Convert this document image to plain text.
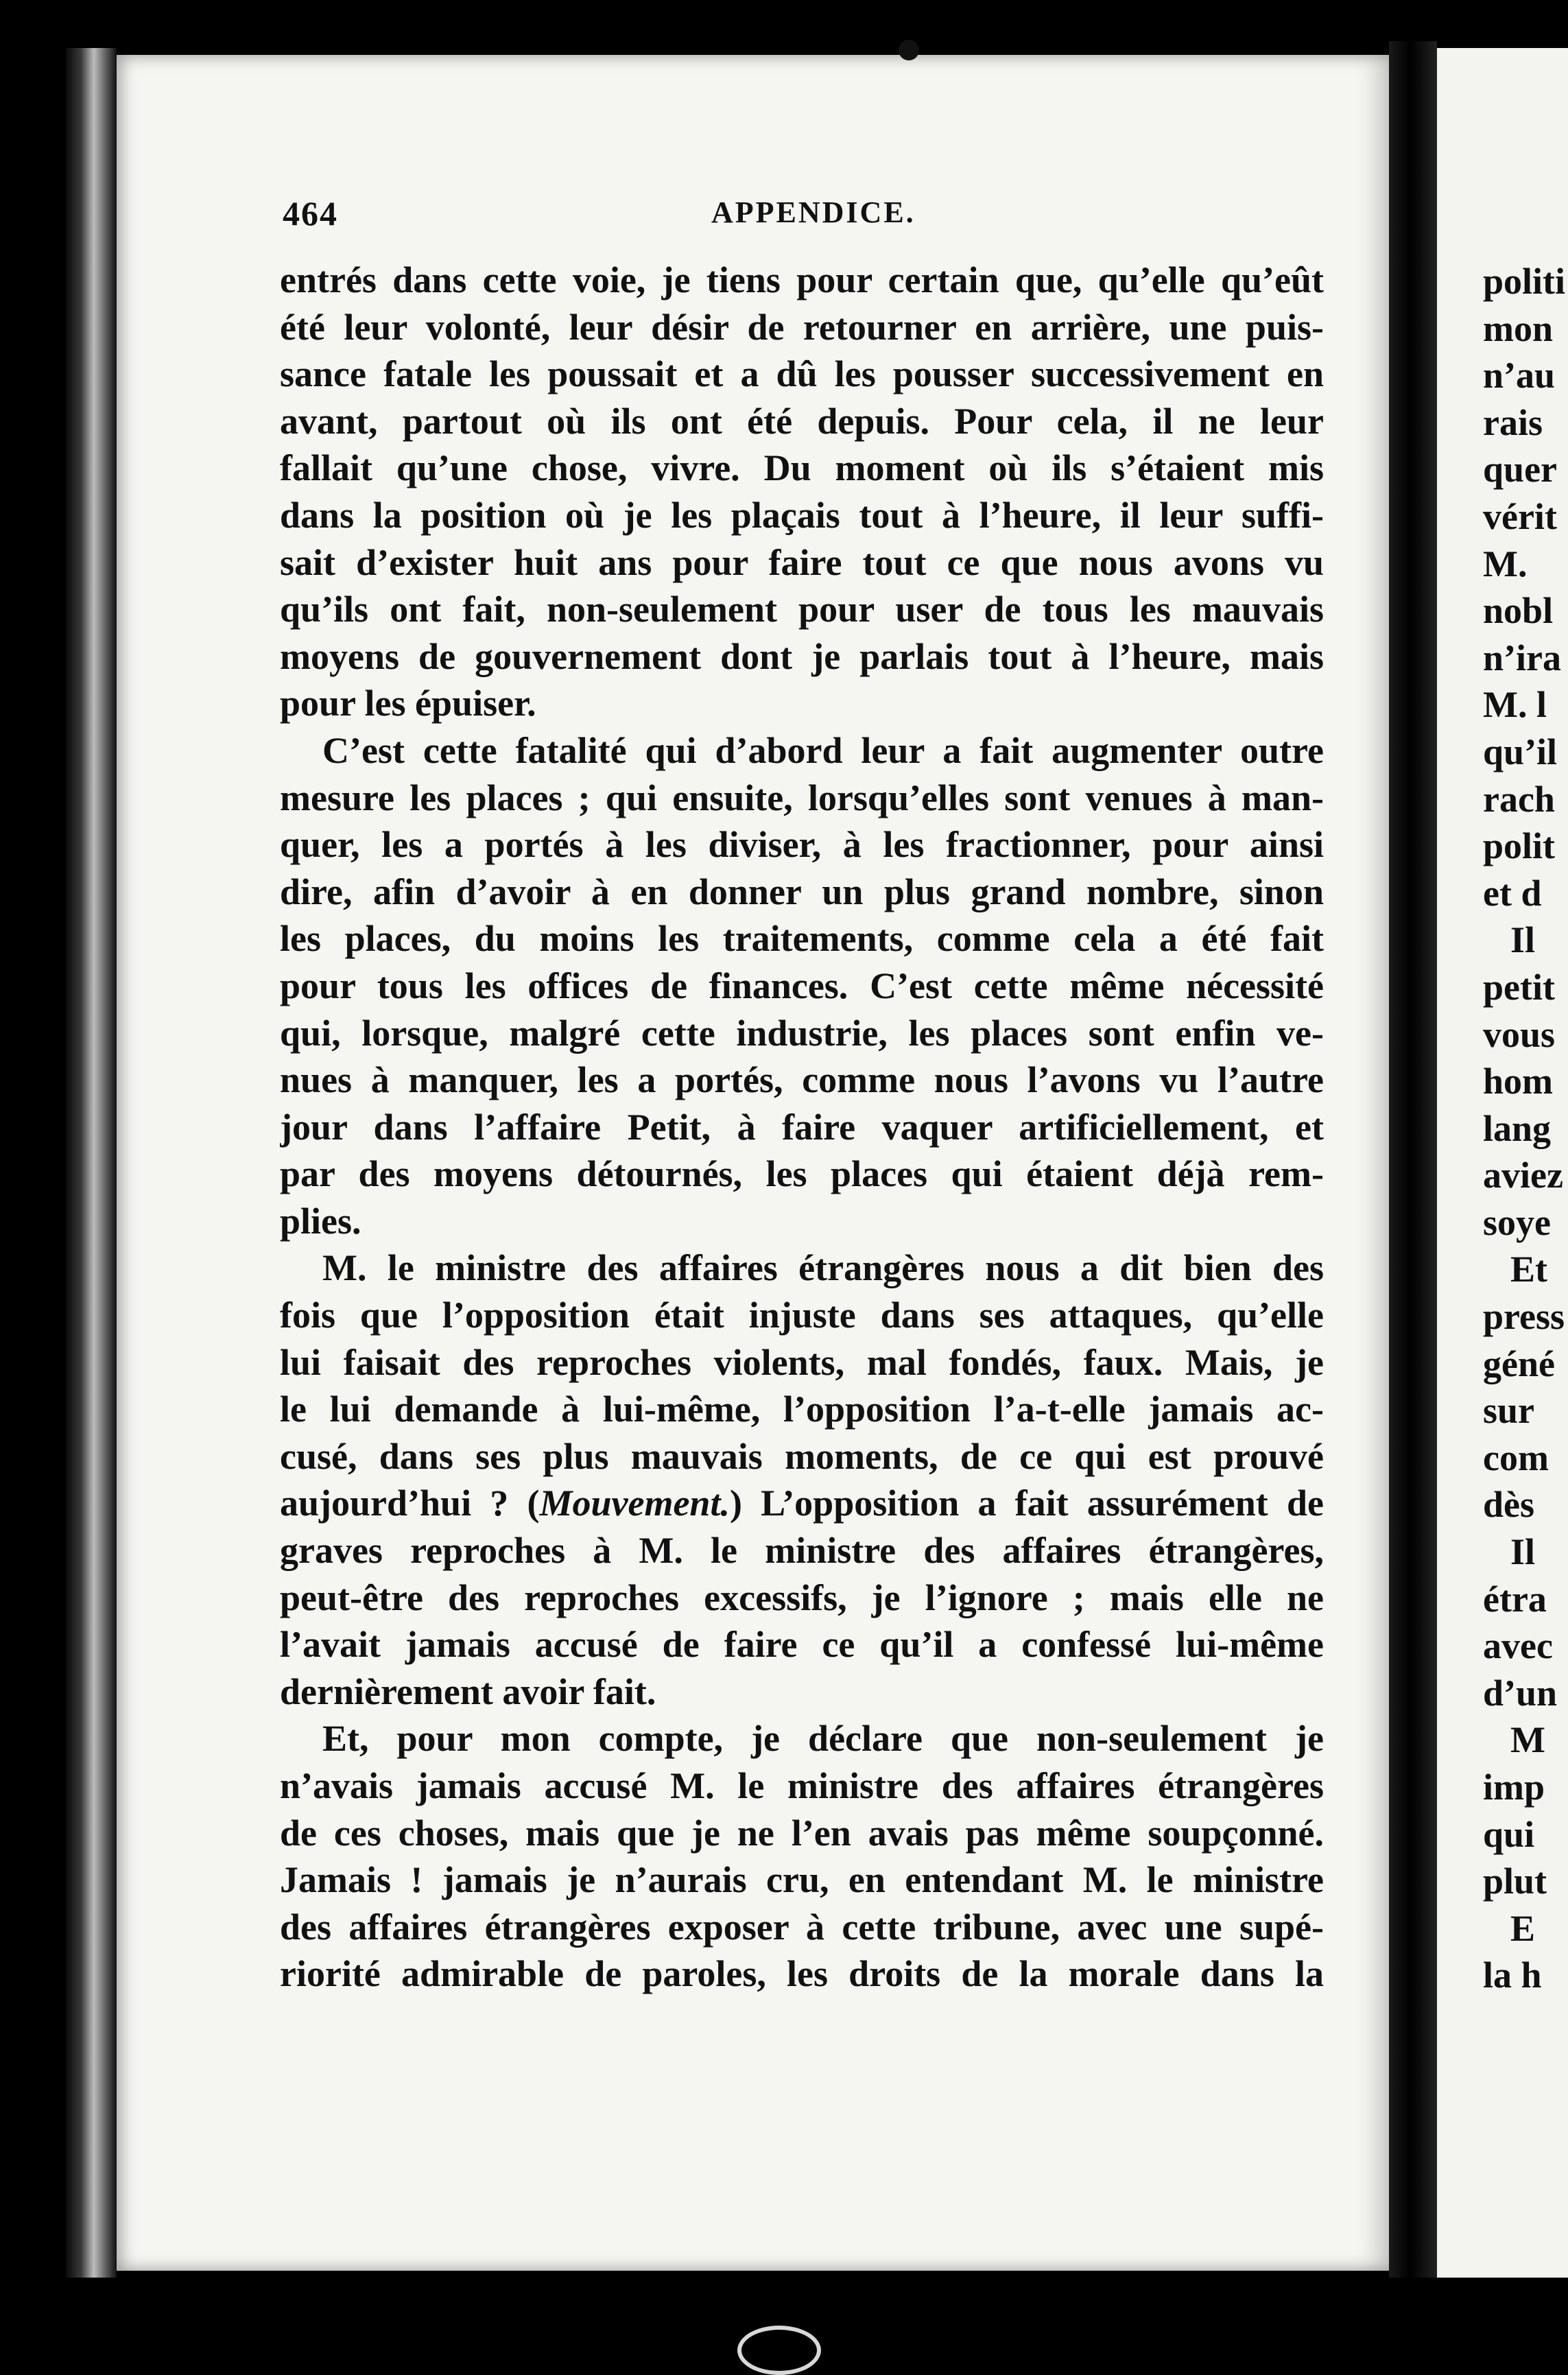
464	APPENDICE.
entrés dans cette voie, je tiens pour certain que, qu’elle qu’eût
été leur volonté, leur désir de retourner en arrière, une puis-
sance fatale les poussait et a dû les pousser successivement en
avant, partout où ils ont été depuis. Pour cela, il ne leur
fallait qu’une chose, vivre. Du moment où ils s’étaient mis
dans la position où je les plaçais tout à l’heure, il leur suffi-
sait d’exister huit ans pour faire tout ce que nous avons vu
qu’ils ont fait, non-seulement pour user de tous les mauvais
moyens de gouvernement dont je parlais tout à l’heure, mais
pour les épuiser.
C’est cette fatalité qui d’abord leur a fait augmenter outre
mesure les places ; qui ensuite, lorsqu’elles sont venues à man-
quer, les a portés à les diviser, à les fractionner, pour ainsi
dire, afin d’avoir à en donner un plus grand nombre, sinon
les places, du moins les traitements, comme cela a été fait
pour tous les offices de finances. C’est cette même nécessité
qui, lorsque, malgré cette industrie, les places sont enfin ve-
nues à manquer, les a portés, comme nous l’avons vu l’autre
jour dans l’affaire Petit, à faire vaquer artificiellement, et
par des moyens détournés, les places qui étaient déjà rem-
plies.
M. le ministre des affaires étrangères nous a dit bien des
fois que l’opposition était injuste dans ses attaques, qu’elle
lui faisait des reproches violents, mal fondés, faux. Mais, je
le lui demande à lui-même, l’opposition l’a-t-elle jamais ac-
cusé, dans ses plus mauvais moments, de ce qui est prouvé
aujourd’hui ? (Mouvement.) L’opposition a fait assurément de
graves reproches à M. le ministre des affaires étrangères,
peut-être des reproches excessifs, je l’ignore ; mais elle ne
l’avait jamais accusé de faire ce qu’il a confessé lui-même
dernièrement avoir fait.
Et, pour mon compte, je déclare que non-seulement je
n’avais jamais accusé M. le ministre des affaires étrangères
de ces choses, mais que je ne l’en avais pas même soupçonné.
Jamais ! jamais je n’aurais cru, en entendant M. le ministre
des affaires étrangères exposer à cette tribune, avec une supé-
riorité admirable de paroles, les droits de la morale dans la
politi
mon
n’au
rais
quer
vérit
M.
nobl
n’ira
M. l
qu’il
rach
polit
et d
Il
petit
vous
hom
lang
aviez
soye
Et
press
géné
sur
com
dès
Il
étra
avec
d’un
M
imp
qui
plut
E
la h
